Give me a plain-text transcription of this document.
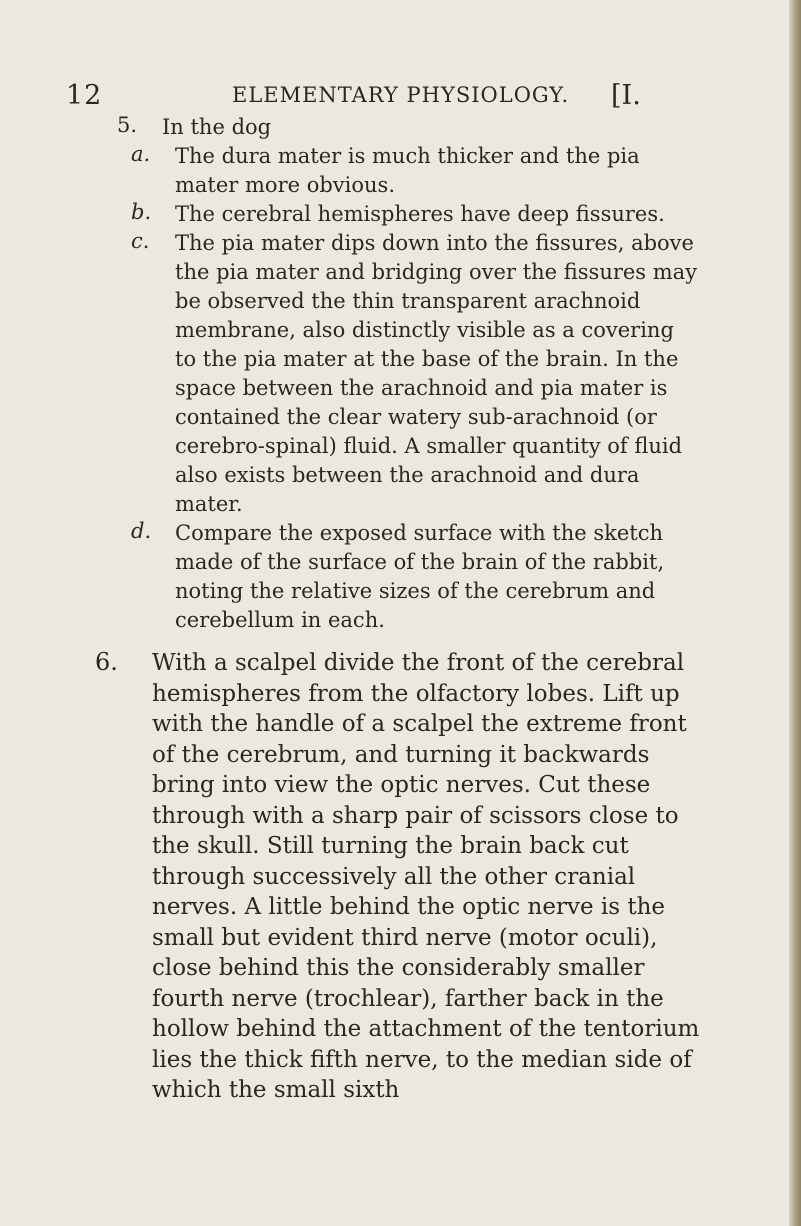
12	ELEMENTARY PHYSIOLOGY. [I.
5. In the dog
a. The dura mater is much thicker and the pia mater more obvious.
b. The cerebral hemispheres have deep fissures.
c. The pia mater dips down into the fissures, above the pia mater and bridging over the fissures may be observed the thin transparent arachnoid membrane, also distinctly visible as a covering to the pia mater at the base of the brain. In the space between the arachnoid and pia mater is contained the clear watery sub-arachnoid (or cerebro-spinal) fluid. A smaller quantity of fluid also exists between the arachnoid and dura mater.
d. Compare the exposed surface with the sketch made of the surface of the brain of the rabbit, noting the relative sizes of the cerebrum and cerebellum in each.
6. With a scalpel divide the front of the cerebral hemispheres from the olfactory lobes. Lift up with the handle of a scalpel the extreme front of the cerebrum, and turning it backwards bring into view the optic nerves. Cut these through with a sharp pair of scissors close to the skull. Still turning the brain back cut through successively all the other cranial nerves. A little behind the optic nerve is the small but evident third nerve (motor oculi), close behind this the considerably smaller fourth nerve (trochlear), farther back in the hollow behind the attachment of the tentorium lies the thick fifth nerve, to the median side of which the small sixth
